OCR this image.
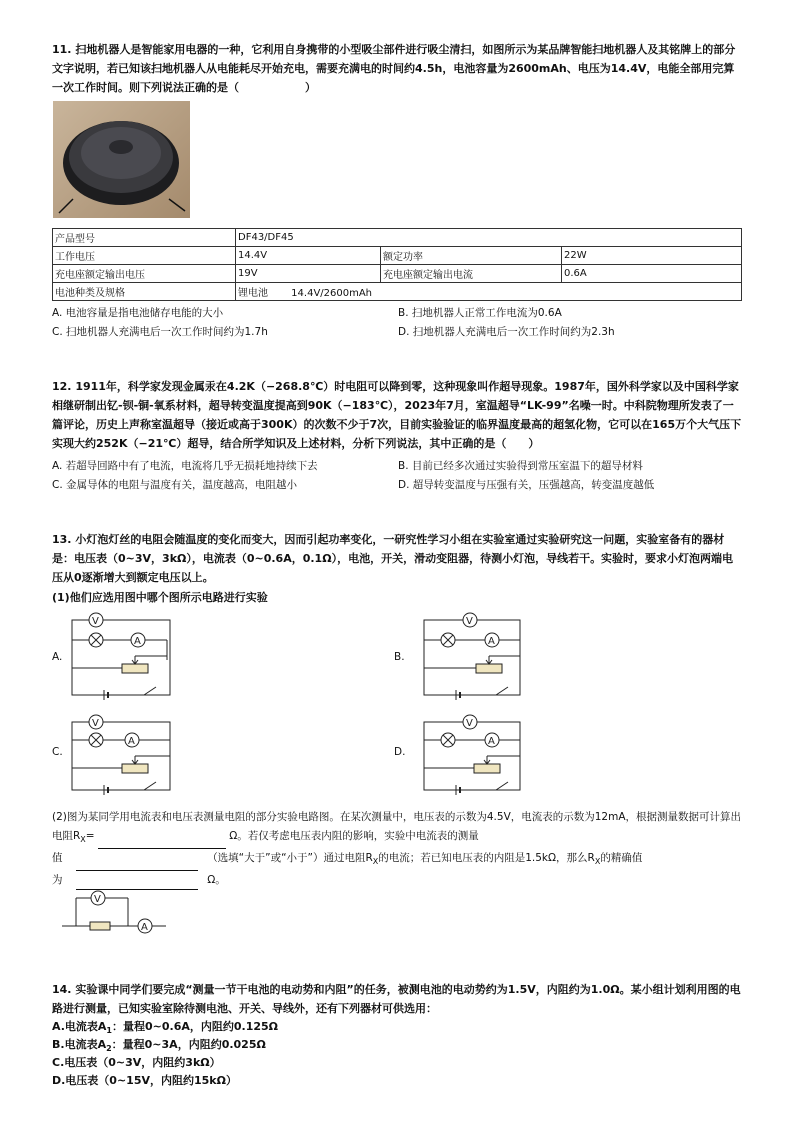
11. 扫地机器人是智能家用电器的一种，它利用自身携带的小型吸尘部件进行吸尘清扫，如图所示为某品牌智能扫地机器人及其铭牌上的部分文字说明，若已知该扫地机器人从电能耗尽开始充电，需要充满电的时间约4.5h，电池容量为2600mAh、电压为14.4V，电能全部用完算一次工作时间。则下列说法正确的是（　　　　　　）
产品型号	DF43/DF45		
工作电压	14.4V	额定功率	22W
充电座额定输出电压	19V	充电座额定输出电流	0.6A
电池种类及规格	锂电池　　 14.4V/2600mAh		
A. 电池容量是指电池储存电能的大小	B. 扫地机器人正常工作电流为0.6A
C. 扫地机器人充满电后一次工作时间约为1.7h	D. 扫地机器人充满电后一次工作时间约为2.3h
12. 1911年，科学家发现金属汞在4.2K（−268.8℃）时电阻可以降到零，这种现象叫作超导现象。1987年，国外科学家以及中国科学家相继研制出钇-钡-铜-氧系材料，超导转变温度提高到90K（−183℃），2023年7月，室温超导“LK-99”名噪一时。中科院物理所发表了一篇评论，历史上声称室温超导（接近或高于300K）的次数不少于7次，目前实验验证的临界温度最高的超氢化物，它可以在165万个大气压下实现大约252K（−21℃）超导，结合所学知识及上述材料，分析下列说法，其中正确的是（　　）
A. 若超导回路中有了电流，电流将几乎无损耗地持续下去	B. 目前已经多次通过实验得到常压室温下的超导材料
C. 金属导体的电阻与温度有关，温度越高，电阻越小	D. 超导转变温度与压强有关，压强越高，转变温度越低
13. 小灯泡灯丝的电阻会随温度的变化而变大，因而引起功率变化，一研究性学习小组在实验室通过实验研究这一问题，实验室备有的器材是：电压表（0~3V，3kΩ），电流表（0~0.6A，0.1Ω），电池，开关，滑动变阻器，待测小灯泡，导线若干。实验时，要求小灯泡两端电压从0逐渐增大到额定电压以上。
(1)他们应选用图中哪个图所示电路进行实验
A.	B.
C.	D.
V
A
V
A
V
A
V
A
(2)图为某同学用电流表和电压表测量电阻的部分实验电路图。在某次测量中，电压表的示数为4.5V，电流表的示数为12mA，根据测量数据可计算出电阻$R_X=$	Ω。若仅考虑电压表内阻的影响，实验中电流表的测量
值	（选填“大于”或“小于”）通过电阻$R_X$的电流；若已知电压表的内阻是1.5kΩ，那么$R_X$的精确值
为	Ω。
V
A
14. 实验课中同学们要完成“测量一节干电池的电动势和内阻”的任务，被测电池的电动势约为1.5V，内阻约为1.0Ω。某小组计划利用图的电路进行测量，已知实验室除待测电池、开关、导线外，还有下列器材可供选用：
A.电流表$A_1$：量程0~0.6A，内阻约0.125Ω
B.电流表$A_2$：量程0~3A，内阻约0.025Ω
C.电压表（0~3V，内阻约3kΩ）
D.电压表（0~15V，内阻约15kΩ）
